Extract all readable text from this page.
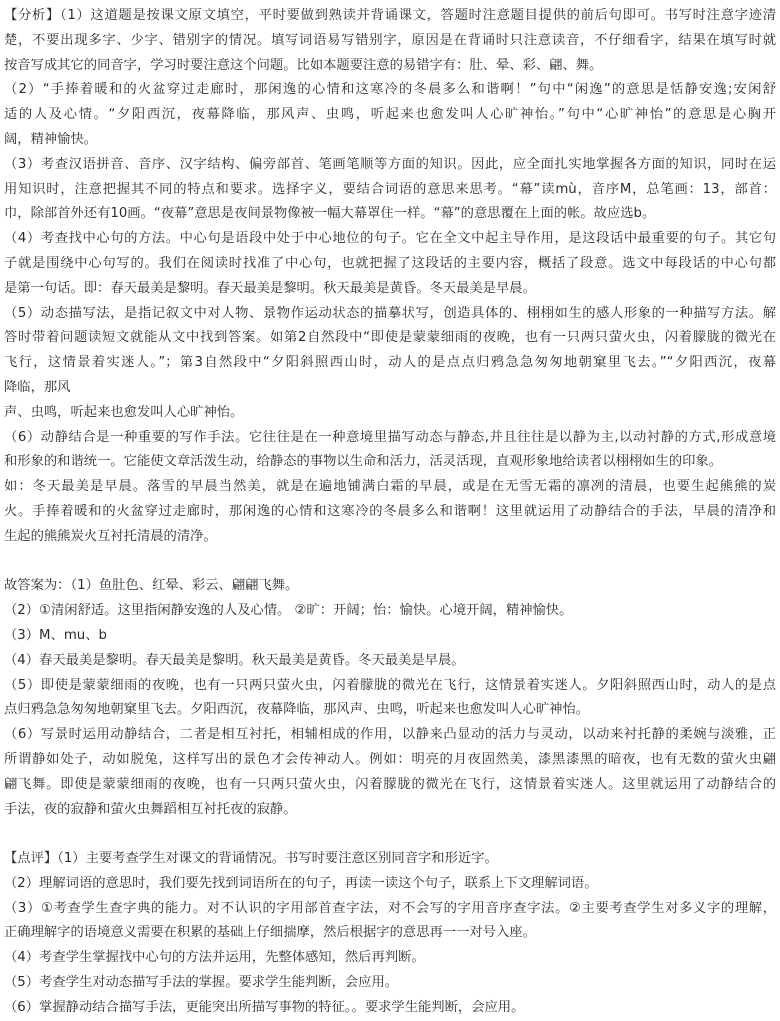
【分析】（1）这道题是按课文原文填空，平时要做到熟读并背诵课文，答题时注意题目提供的前后句即可。书写时注意字迹清
楚，不要出现多字、少字、错别字的情况。填写词语易写错别字，原因是在背诵时只注意读音，不仔细看字，结果在填写时就
按音写成其它的同音字，学习时要注意这个问题。比如本题要注意的易错字有：肚、晕、彩、翩、舞。
（2）“手捧着暖和的火盆穿过走廊时，那闲逸的心情和这寒冷的冬晨多么和谐啊！”句中“闲逸”的意思是恬静安逸;安闲舒
适的人及心情。“夕阳西沉，夜幕降临，那风声、虫鸣，听起来也愈发叫人心旷神怡。”句中“心旷神怡”的意思是心胸开
阔，精神愉快。
（3）考查汉语拼音、音序、汉字结构、偏旁部首、笔画笔顺等方面的知识。因此，应全面扎实地掌握各方面的知识，同时在运
用知识时，注意把握其不同的特点和要求。选择字义，要结合词语的意思来思考。“幕”读mù，音序M，总笔画：13，部首：
巾，除部首外还有10画。“夜幕”意思是夜间景物像被一幅大幕罩住一样。“幕”的意思覆在上面的帐。故应选b。
（4）考查找中心句的方法。中心句是语段中处于中心地位的句子。它在全文中起主导作用，是这段话中最重要的句子。其它句
子就是围绕中心句写的。我们在阅读时找准了中心句，也就把握了这段话的主要内容，概括了段意。选文中每段话的中心句都
是第一句话。即：春天最美是黎明。春天最美是黎明。秋天最美是黄昏。冬天最美是早晨。
（5）动态描写法，是指记叙文中对人物、景物作运动状态的描摹状写，创造具体的、栩栩如生的感人形象的一种描写方法。解
答时带着问题读短文就能从文中找到答案。如第2自然段中“即使是蒙蒙细雨的夜晚，也有一只两只萤火虫，闪着朦胧的微光在
飞行，这情景着实迷人。”；第3自然段中“夕阳斜照西山时，动人的是点点归鸦急急匆匆地朝窠里飞去。”“夕阳西沉，夜幕
降临，那风
声、虫鸣，听起来也愈发叫人心旷神怡。
（6）动静结合是一种重要的写作手法。它往往是在一种意境里描写动态与静态,并且往往是以静为主,以动衬静的方式,形成意境
和形象的和谐统一。它能使文章活泼生动，给静态的事物以生命和活力，活灵活现，直观形象地给读者以栩栩如生的印象。
如：冬天最美是早晨。落雪的早晨当然美，就是在遍地铺满白霜的早晨，或是在无雪无霜的凛冽的清晨，也要生起熊熊的炭
火。手捧着暖和的火盆穿过走廊时，那闲逸的心情和这寒冷的冬晨多么和谐啊！这里就运用了动静结合的手法，早晨的清净和
生起的熊熊炭火互衬托清晨的清净。
故答案为：（1）鱼肚色、红晕、彩云、翩翩飞舞。
（2）①清闲舒适。这里指闲静安逸的人及心情。 ②旷：开阔；怡：愉快。心境开阔，精神愉快。
（3）M、mu、b
（4）春天最美是黎明。春天最美是黎明。秋天最美是黄昏。冬天最美是早晨。
（5）即使是蒙蒙细雨的夜晚，也有一只两只萤火虫，闪着朦胧的微光在飞行，这情景着实迷人。夕阳斜照西山时，动人的是点
点归鸦急急匆匆地朝窠里飞去。夕阳西沉，夜幕降临，那风声、虫鸣，听起来也愈发叫人心旷神怡。
（6）写景时运用动静结合，二者是相互衬托，相辅相成的作用，以静来凸显动的活力与灵动，以动来衬托静的柔婉与淡雅，正
所谓静如处子，动如脱兔，这样写出的景色才会传神动人。例如：明亮的月夜固然美，漆黑漆黑的暗夜，也有无数的萤火虫翩
翩飞舞。即使是蒙蒙细雨的夜晚，也有一只两只萤火虫，闪着朦胧的微光在飞行，这情景着实迷人。这里就运用了动静结合的
手法，夜的寂静和萤火虫舞蹈相互衬托夜的寂静。
【点评】（1）主要考查学生对课文的背诵情况。书写时要注意区别同音字和形近字。
（2）理解词语的意思时，我们要先找到词语所在的句子，再读一读这个句子，联系上下文理解词语。
（3）①考查学生查字典的能力。对不认识的字用部首查字法，对不会写的字用音序查字法。②主要考查学生对多义字的理解，
正确理解字的语境意义需要在积累的基础上仔细揣摩，然后根据字的意思再一一对号入座。
（4）考查学生掌握找中心句的方法并运用，先整体感知，然后再判断。
（5）考查学生对动态描写手法的掌握。要求学生能判断，会应用。
（6）掌握静动结合描写手法，更能突出所描写事物的特征。。要求学生能判断，会应用。
